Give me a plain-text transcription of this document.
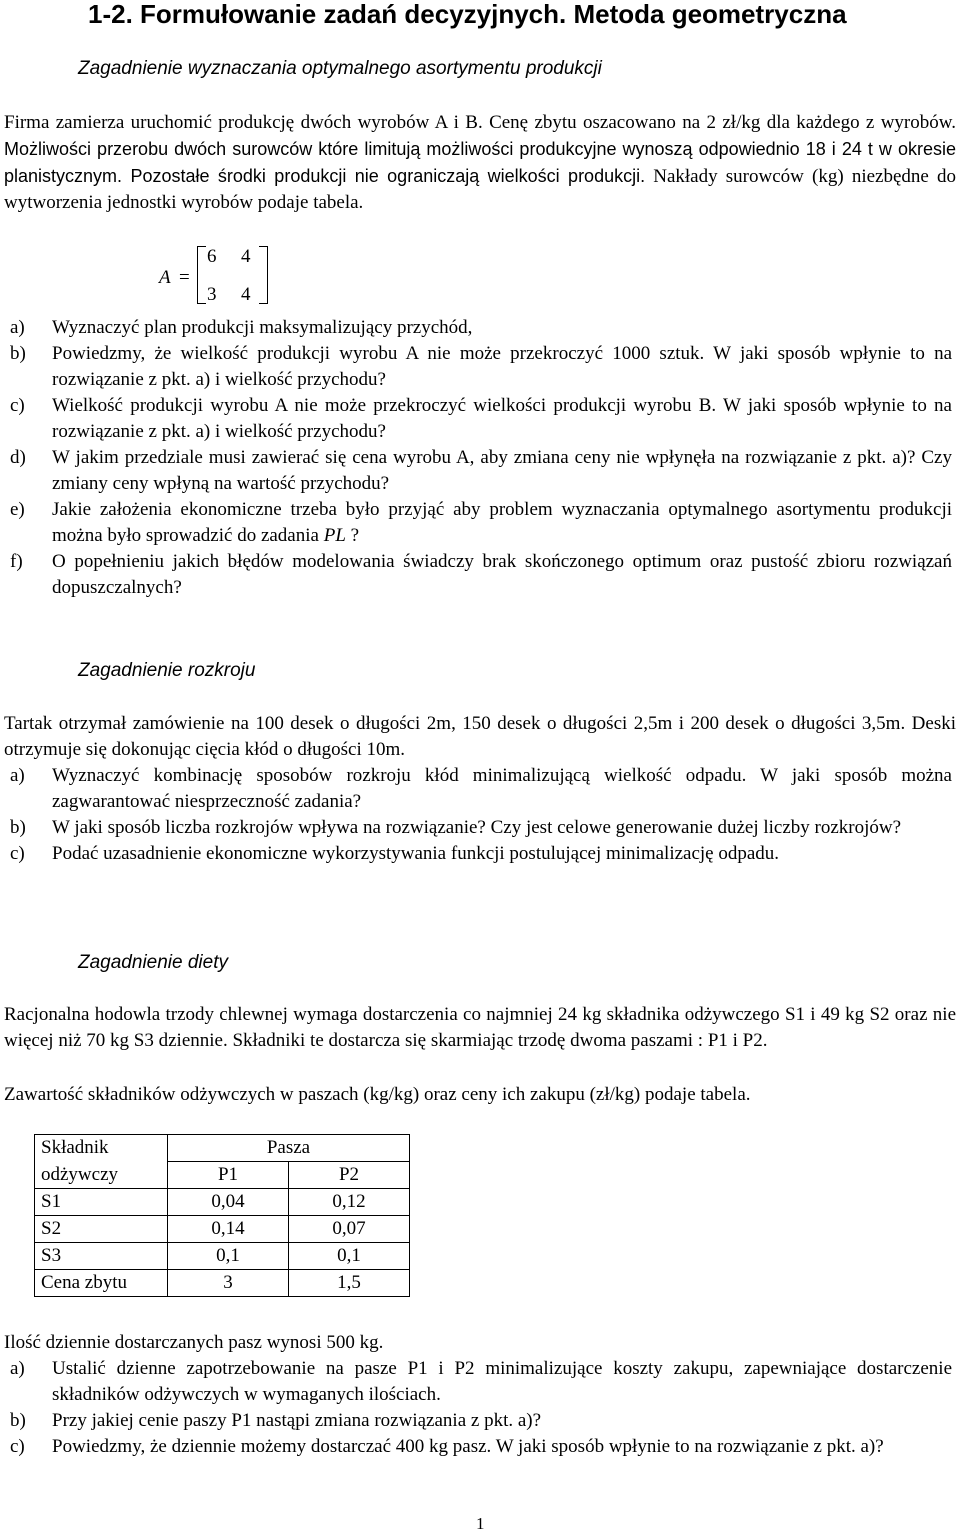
1-2. Formułowanie zadań decyzyjnych. Metoda geometryczna

Zagadnienie wyznaczania optymalnego asortymentu produkcji

Firma zamierza uruchomić produkcję dwóch wyrobów A i B. Cenę zbytu oszacowano na 2 zł/kg dla każdego z wyrobów. Możliwości przerobu dwóch surowców które limitują możliwości produkcyjne wynoszą odpowiednio 18 i 24 t w okresie planistycznym. Pozostałe środki produkcji nie ograniczają wielkości produkcji. Nakłady surowców (kg) niezbędne do wytworzenia jednostki wyrobów podaje tabela.

A =
6 4
3 4
a)	Wyznaczyć plan produkcji maksymalizujący przychód,
b)	Powiedzmy, że wielkość produkcji wyrobu A nie może przekroczyć 1000 sztuk. W jaki sposób wpłynie to na rozwiązanie z pkt. a) i wielkość przychodu?
c)	Wielkość produkcji wyrobu A nie może przekroczyć wielkości produkcji wyrobu B. W jaki sposób wpłynie to na rozwiązanie z pkt. a) i wielkość przychodu?
d)	W jakim przedziale musi zawierać się cena wyrobu A, aby zmiana ceny nie wpłynęła na rozwiązanie z pkt. a)? Czy zmiany ceny wpłyną na wartość przychodu?
e)	Jakie założenia ekonomiczne trzeba było przyjąć aby problem wyznaczania optymalnego asortymentu produkcji można było sprowadzić do zadania PL ?
f)	O popełnieniu jakich błędów modelowania świadczy brak skończonego optimum oraz pustość zbioru rozwiązań dopuszczalnych?

Zagadnienie rozkroju

Tartak otrzymał zamówienie na 100 desek o długości 2m, 150 desek o długości 2,5m i 200 desek o długości 3,5m. Deski otrzymuje się dokonując cięcia kłód o długości 10m.

a)	Wyznaczyć kombinację sposobów rozkroju kłód minimalizującą wielkość odpadu. W jaki sposób można zagwarantować niesprzeczność zadania?
b)	W jaki sposób liczba rozkrojów wpływa na rozwiązanie? Czy jest celowe generowanie dużej liczby rozkrojów?
c)	Podać uzasadnienie ekonomiczne wykorzystywania funkcji postulującej minimalizację odpadu.

Zagadnienie diety

Racjonalna hodowla trzody chlewnej wymaga dostarczenia co najmniej 24 kg składnika odżywczego S1 i 49 kg S2 oraz nie więcej niż 70 kg S3 dziennie. Składniki te dostarcza się skarmiając trzodę dwoma paszami : P1 i P2.

Zawartość składników odżywczych w paszach (kg/kg) oraz ceny ich zakupu (zł/kg) podaje tabela.

Składnik	Pasza	
odżywczy	P1	P2
S1	0,04	0,12
S2	0,14	0,07
S3	0,1	0,1
Cena zbytu	3	1,5

Ilość dziennie dostarczanych pasz wynosi 500 kg.

a)	Ustalić dzienne zapotrzebowanie na pasze P1 i P2 minimalizujące koszty zakupu, zapewniające dostarczenie składników odżywczych w wymaganych ilościach.
b)	Przy jakiej cenie paszy P1 nastąpi zmiana rozwiązania z pkt. a)?
c)	Powiedzmy, że dziennie możemy dostarczać 400 kg pasz. W jaki sposób wpłynie to na rozwiązanie z pkt. a)?
1
